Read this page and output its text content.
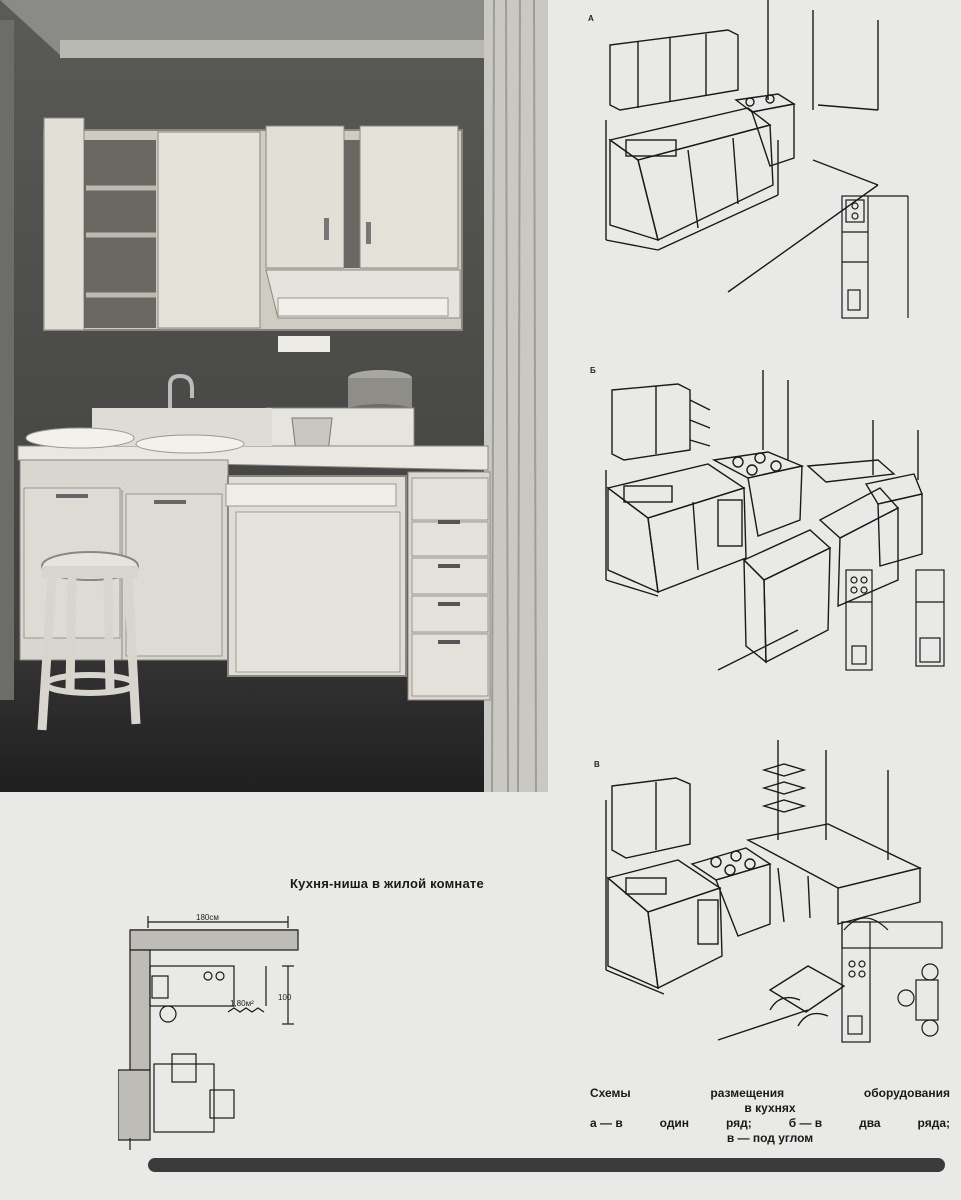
А
Б
В
Кухня-ниша в жилой комнате
180см
100
1,80м²
Схемы	размещения	оборудования
в кухнях
а — в	один	ряд;	б — в	два	ряда;
в — под углом
